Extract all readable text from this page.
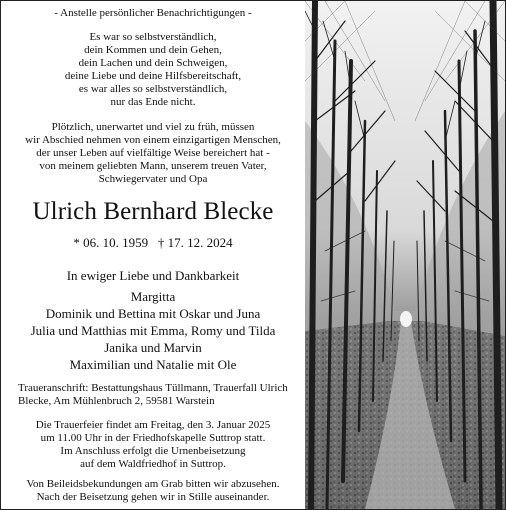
- Anstelle persönlicher Benachrichtigungen -
Es war so selbstverständlich,
dein Kommen und dein Gehen,
dein Lachen und dein Schweigen,
deine Liebe und deine Hilfsbereitschaft,
es war alles so selbstverständlich,
nur das Ende nicht.
Plötzlich, unerwartet und viel zu früh, müssen
wir Abschied nehmen von einem einzigartigen Menschen,
der unser Leben auf vielfältige Weise bereichert hat -
von meinem geliebten Mann, unserem treuen Vater,
Schwiegervater und Opa
Ulrich Bernhard Blecke
* 06. 10. 1959   † 17. 12. 2024
In ewiger Liebe und Dankbarkeit
Margitta
Dominik und Bettina mit Oskar und Juna
Julia und Matthias mit Emma, Romy und Tilda
Janika und Marvin
Maximilian und Natalie mit Ole
Traueranschrift: Bestattungshaus Tüllmann, Trauerfall Ulrich
Blecke, Am Mühlenbruch 2, 59581 Warstein
Die Trauerfeier findet am Freitag, den 3. Januar 2025
um 11.00 Uhr in der Friedhofskapelle Suttrop statt.
Im Anschluss erfolgt die Urnenbeisetzung
auf dem Waldfriedhof in Suttrop.
Von Beileidsbekundungen am Grab bitten wir abzusehen.
Nach der Beisetzung gehen wir in Stille auseinander.
